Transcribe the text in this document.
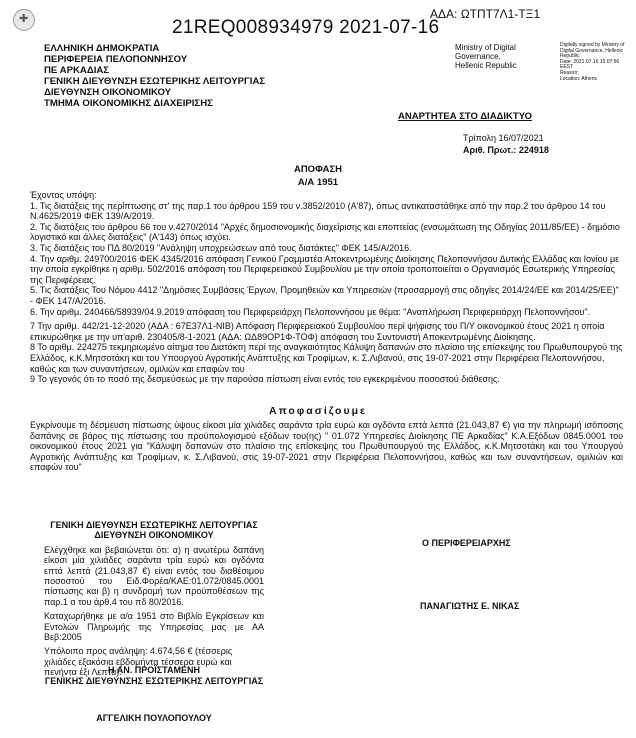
✚
21REQ008934979 2021-07-16
ΑΔΑ: ΩΤΠΤ7Λ1-ΤΞ1
ΕΛΛΗΝΙΚΗ ΔΗΜΟΚΡΑΤΙΑ
ΠΕΡΙΦΕΡΕΙΑ ΠΕΛΟΠΟΝΝΗΣΟΥ
ΠΕ ΑΡΚΑΔΙΑΣ
ΓΕΝΙΚΗ ΔΙΕΥΘΥΝΣΗ ΕΣΩΤΕΡΙΚΗΣ ΛΕΙΤΟΥΡΓΙΑΣ
ΔΙΕΥΘΥΝΣΗ ΟΙΚΟΝΟΜΙΚΟΥ
ΤΜΗΜΑ ΟΙΚΟΝΟΜΙΚΗΣ ΔΙΑΧΕΙΡΙΣΗΣ
Ministry of Digital
Governance,
Hellenic Republic
Digitally signed by Ministry of
Digital Governance, Hellenic
Republic
Date: 2021.07.16 15:07:56
EEST
Reason:
Location: Athens
ΑΝΑΡΤΗΤΕΑ ΣΤΟ ΔΙΑΔΙΚΤΥΟ
Τρίπολη 16/07/2021
Αριθ. Πρωτ.: 224918
ΑΠΟΦΑΣΗ
Α/Α 1951

Έχοντας υπόψη:

1. Τις διατάξεις της περίπτωσης στ' της παρ.1 του άρθρου 159 του ν.3852/2010 (Α'87), όπως αντικαταστάθηκε από την παρ.2 του άρθρου 14 του Ν.4625/2019 ΦΕΚ 139/Α/2019.

2. Τις διατάξεις του άρθρου 66 του ν.4270/2014 "Αρχές δημοσιονομικής διαχείρισης και εποπτείας (ενσωμάτωση της Οδηγίας 2011/85/ΕΕ) - δημόσιο λογιστικό και άλλες διατάξεις" (Α'143) όπως ισχύει.

3. Τις διατάξεις του ΠΔ 80/2019 "Ανάληψη υποχρεώσεων από τους διατάκτες" ΦΕΚ 145/Α/2016.

4. Την αριθμ. 249700/2016 ΦΕΚ 4345/2016 απόφαση Γενικού Γραμματέα Αποκεντρωμένης Διοίκησης Πελοποννήσου Δυτικής Ελλάδας και Ιονίου με την οποία εγκρίθηκε η αριθμ. 502/2016 απόφαση του Περιφερειακού Συμβουλίου με την οποία τροποποιείται ο Οργανισμός Εσωτερικής Υπηρεσίας της Περιφέρειας.

5. Τις διατάξεις Του Νόμου 4412 "Δημόσιες Συμβάσεις Έργων, Προμηθειών και Υπηρεσιών (προσαρμογή στις οδηγίες 2014/24/ΕΕ και 2014/25/ΕΕ)" - ΦΕΚ 147/Α/2016.

6. Την αριθμ. 240466/58939/04.9.2019 απόφαση του Περιφερειάρχη Πελοποννήσου με θέμα: "Αναπλήρωση Περιφερειάρχη Πελοποννήσου".

7 Την αριθμ. 442/21-12-2020 (ΑΔΑ : 67Ε37Λ1-ΝΙΒ) Απόφαση Περιφερειακού Συμβουλίου περί ψήφισης του Π/Υ οικονομικού έτους 2021 η οποία επικυρώθηκε με την υπ'αριθ. 230405/8-1-2021 (ΑΔΑ: ΩΔ89ΟΡ1Φ-ΤΟΦ) απόφαση του Συντονιστή Αποκεντρωμένης Διοίκησης.

8 Το αριθμ. 224275 τεκμηριωμένο αίτημα του Διατάκτη περί της αναγκαιότητας Κάλυψη δαπανών στο πλαίσιο της επίσκεψης του Πρωθυπουργού της Ελλάδος, κ.Κ.Μητσοτάκη και του Υπουργού Αγροτικής Ανάπτυξης και Τροφίμων, κ. Σ.Λιβανού, στις 19-07-2021 στην Περιφέρεια Πελοποννήσου, καθώς και των συναντήσεων, ομιλιών και επαφών του

9 Το γεγονός ότι το ποσό της δεσμεύσεως με την παρούσα πίστωση είναι εντός του εγκεκριμένου ποσοστού διάθεσης.

Αποφασίζουμε
Εγκρίνουμε τη δέσμευση πίστωσης ύψους είκοσι μία χιλιάδες σαράντα τρία ευρώ και ογδόντα επτά λεπτά (21.043,87 €) για την πληρωμή ισόποσης δαπάνης σε βάρος της πίστωσης του προϋπολογισμού εξόδων του(ης) " 01.072 Υπηρεσίες Διοίκησης ΠΕ Αρκαδίας" Κ.Α.Εξόδων 0845.0001 του οικονομικού έτους 2021 για "Κάλυψη δαπανών στο πλαίσιο της επίσκεψης του Πρωθυπουργού της Ελλάδος, κ.Κ.Μητσοτάκη και του Υπουργού Αγροτικής Ανάπτυξης και Τροφίμων, κ. Σ.Λιβανού, στις 19-07-2021 στην Περιφέρεια Πελοποννήσου, καθώς και των συναντήσεων, ομιλιών και επαφών του"
ΓΕΝΙΚΗ ΔΙΕΥΘΥΝΣΗ ΕΣΩΤΕΡΙΚΗΣ ΛΕΙΤΟΥΡΓΙΑΣ
ΔΙΕΥΘΥΝΣΗ ΟΙΚΟΝΟΜΙΚΟΥ
Ελέγχθηκε και βεβαιώνεται ότι: α) η ανωτέρω δαπάνη είκοσι μία χιλιάδες σαράντα τρία ευρώ και ογδόντα επτά λεπτά (21.043,87 €) είναι εντός του διαθέσιμου ποσοστού του Ειδ.Φορέα/ΚΑΕ:01.072/0845.0001 πίστωσης και β) η συνδρομή των προϋποθέσεων της παρ.1 α του άρθ.4 του πδ 80/2016.
Καταχωρήθηκε με α/α 1951 στο Βιβλίο Εγκρίσεων και Εντολών Πληρωμής της Υπηρεσίας μας με ΑΑ Βεβ:2005
Υπόλοιπο προς ανάληψη: 4.674,56 € (τέσσερις χιλιάδες εξακόσια εβδομήντα τέσσερα ευρώ και πενήντα έξι Λεπτά).
Ο ΠΕΡΙΦΕΡΕΙΑΡΧΗΣ
ΠΑΝΑΓΙΩΤΗΣ Ε. ΝΙΚΑΣ
Η ΑΝ. ΠΡΟΪΣΤΑΜΕΝΗ
ΓΕΝΙΚΗΣ ΔΙΕΥΘΥΝΣΗΣ ΕΣΩΤΕΡΙΚΗΣ ΛΕΙΤΟΥΡΓΙΑΣ
ΑΓΓΕΛΙΚΗ ΠΟΥΛΟΠΟΥΛΟΥ
